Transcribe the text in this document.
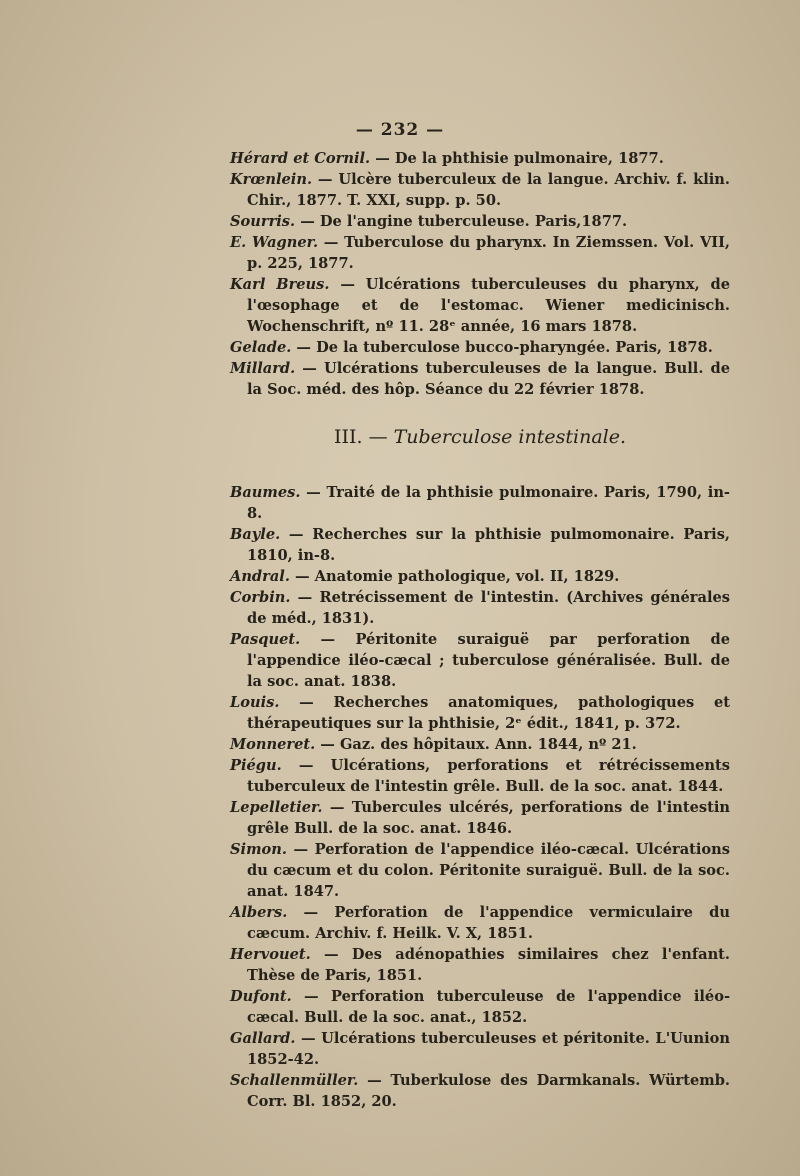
— 232 —

Hérard et Cornil. — De la phthisie pulmonaire, 1877.

Krœnlein. — Ulcère tuberculeux de la langue. Archiv. f. klin. Chir., 1877. T. XXI, supp. p. 50.

Sourris. — De l'angine tuberculeuse. Paris,1877.

E. Wagner. — Tuberculose du pharynx. In Ziemssen. Vol. VII, p. 225, 1877.

Karl Breus. — Ulcérations tuberculeuses du pharynx, de l'œsophage et de l'estomac. Wiener medicinisch. Wochenschrift, nº 11. 28ᵉ année, 16 mars 1878.

Gelade. — De la tuberculose bucco-pharyngée. Paris, 1878.

Millard. — Ulcérations tuberculeuses de la langue. Bull. de la Soc. méd. des hôp. Séance du 22 février 1878.

III. — Tuberculose intestinale.

Baumes. — Traité de la phthisie pulmonaire. Paris, 1790, in-8.

Bayle. — Recherches sur la phthisie pulmomonaire. Paris, 1810, in-8.

Andral. — Anatomie pathologique, vol. II, 1829.

Corbin. — Retrécissement de l'intestin. (Archives générales de méd., 1831).

Pasquet. — Péritonite suraiguë par perforation de l'appendice iléo-cæcal ; tuberculose généralisée. Bull. de la soc. anat. 1838.

Louis. — Recherches anatomiques, pathologiques et thérapeutiques sur la phthisie, 2ᵉ édit., 1841, p. 372.

Monneret. — Gaz. des hôpitaux. Ann. 1844, nº 21.

Piégu. — Ulcérations, perforations et rétrécissements tuberculeux de l'intestin grêle. Bull. de la soc. anat. 1844.

Lepelletier. — Tubercules ulcérés, perforations de l'intestin grêle Bull. de la soc. anat. 1846.

Simon. — Perforation de l'appendice iléo-cæcal. Ulcérations du cæcum et du colon. Péritonite suraiguë. Bull. de la soc. anat. 1847.

Albers. — Perforation de l'appendice vermiculaire du cæcum. Archiv. f. Heilk. V. X, 1851.

Hervouet. — Des adénopathies similaires chez l'enfant. Thèse de Paris, 1851.

Dufont. — Perforation tuberculeuse de l'appendice iléo-cæcal. Bull. de la soc. anat., 1852.

Gallard. — Ulcérations tuberculeuses et péritonite. L'Uunion 1852-42.

Schallenmüller. — Tuberkulose des Darmkanals. Würtemb. Corr. Bl. 1852, 20.
